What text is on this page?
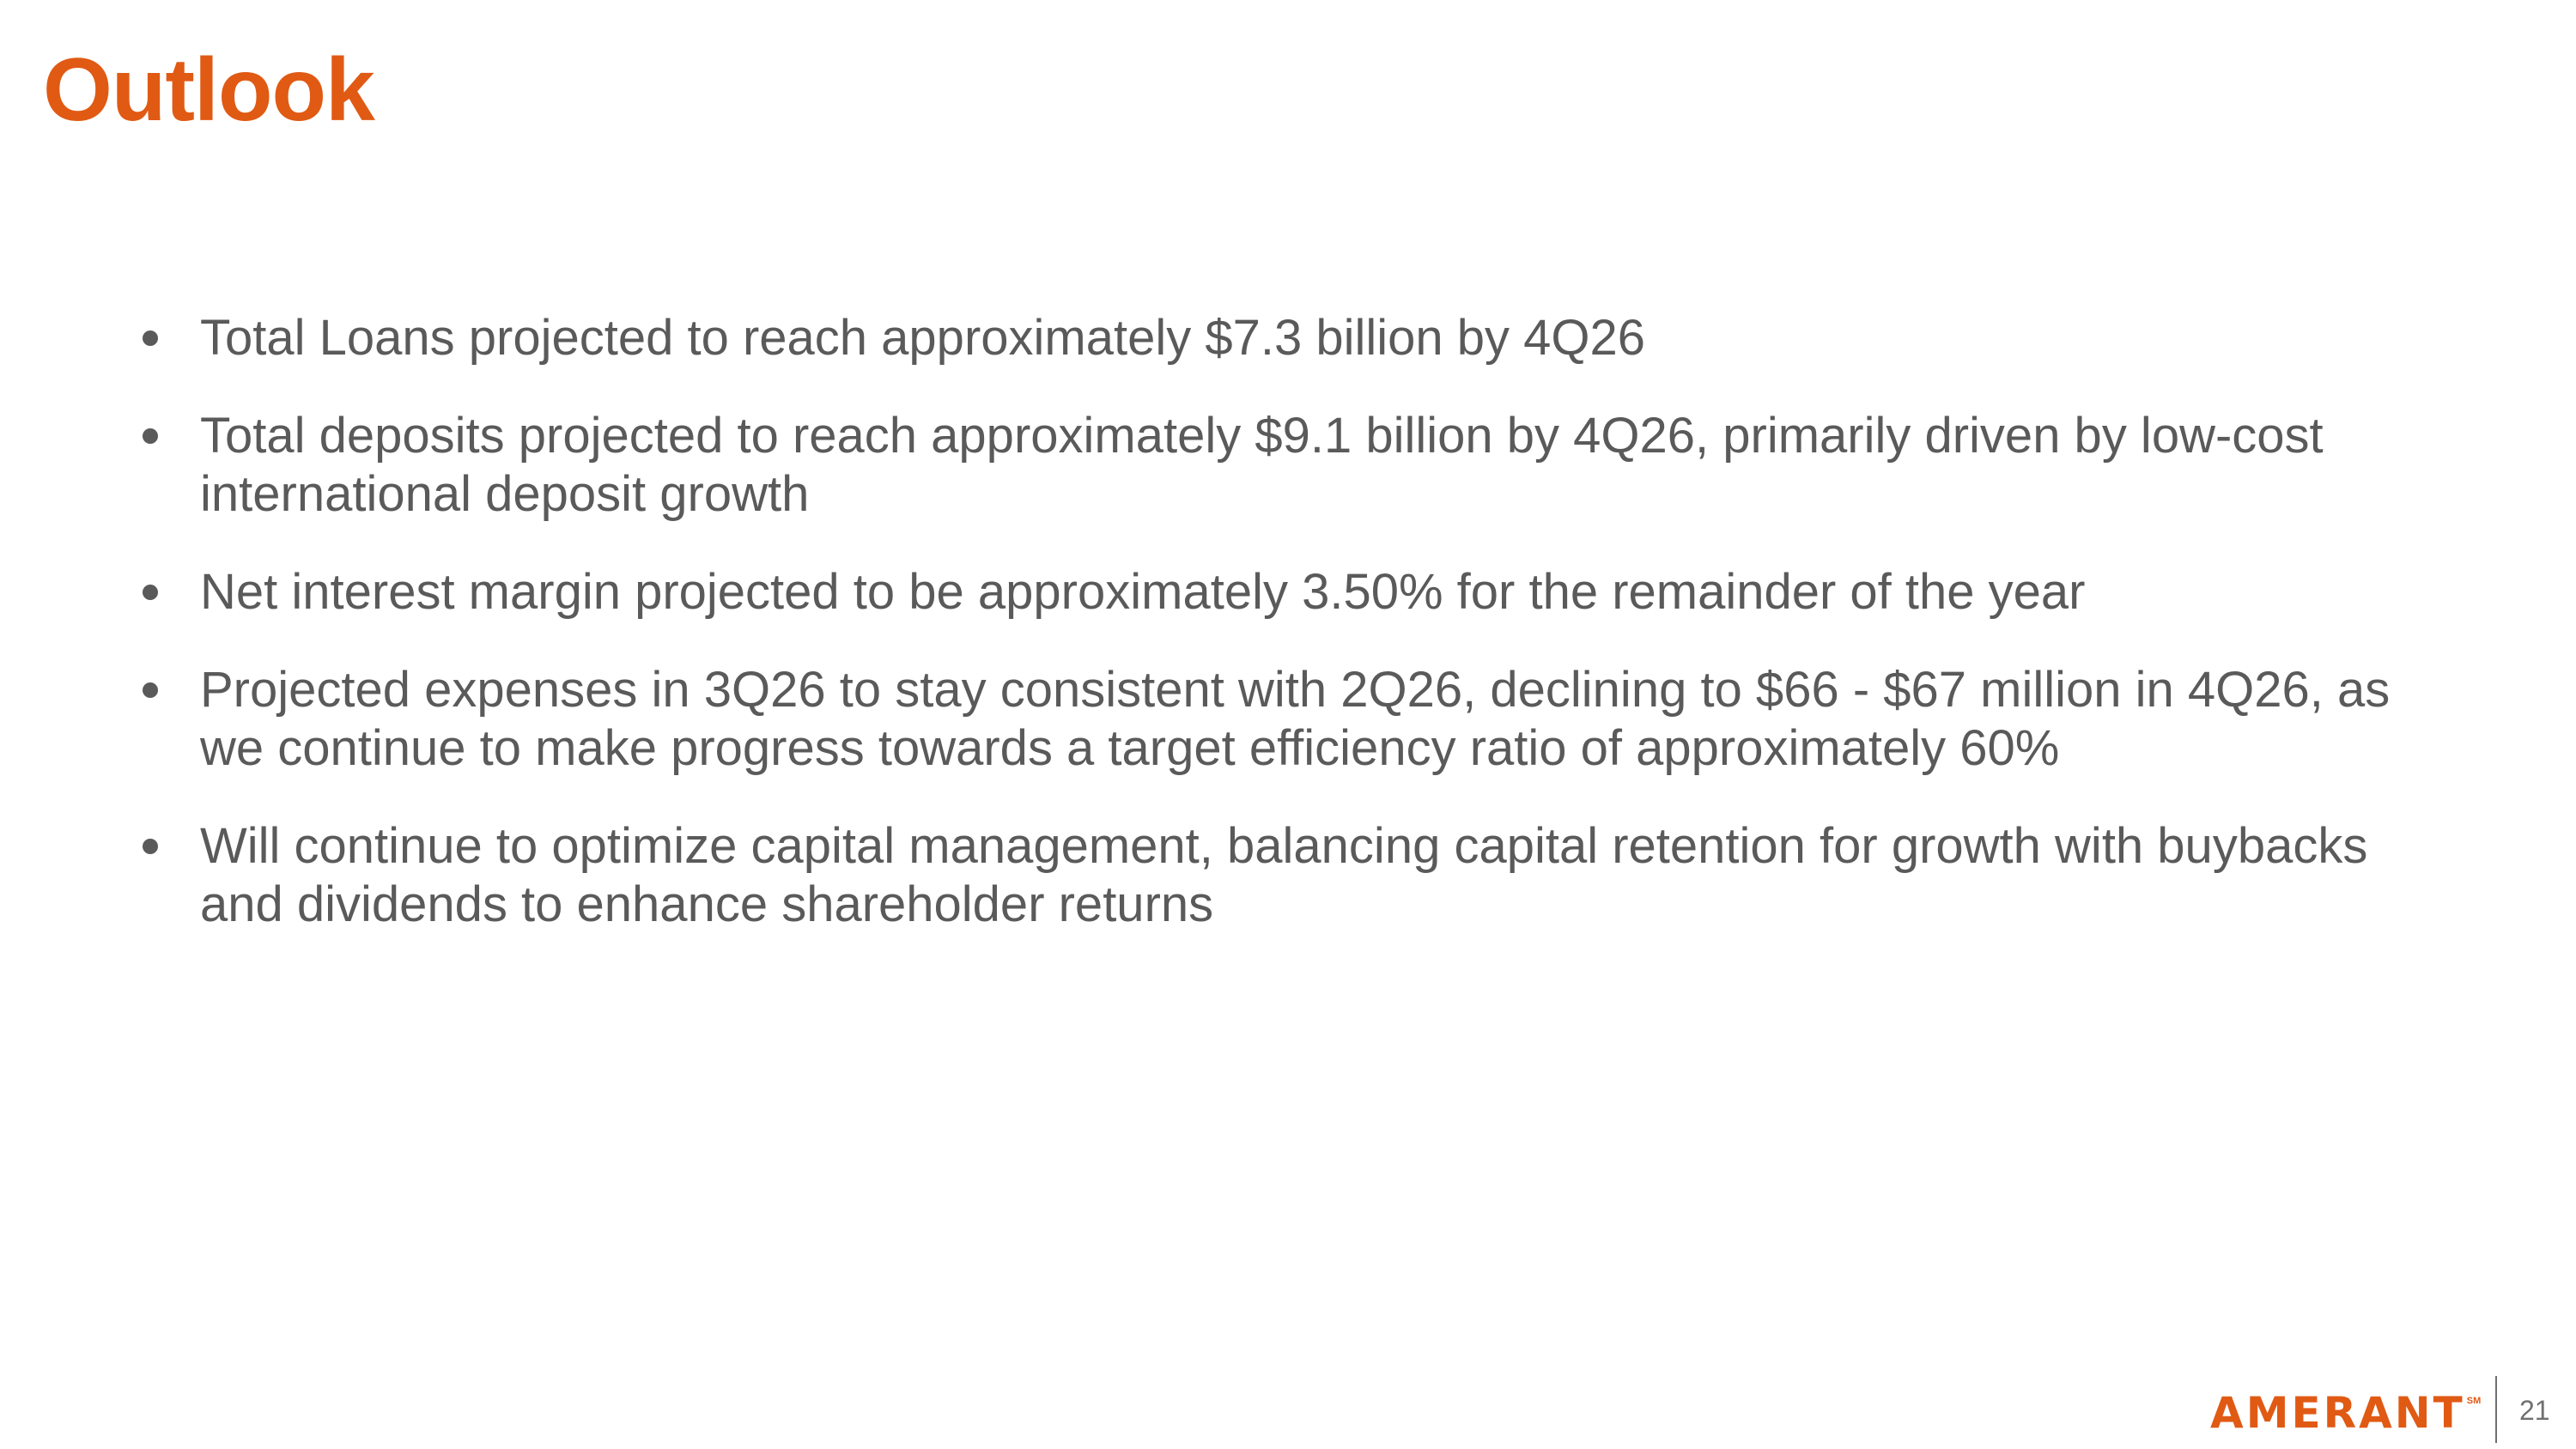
Outlook
Total Loans projected to reach approximately $7.3 billion by 4Q26
Total deposits projected to reach approximately $9.1 billion by 4Q26, primarily driven by low-cost international deposit growth
Net interest margin projected to be approximately 3.50% for the remainder of the year
Projected expenses in 3Q26 to stay consistent with 2Q26, declining to $66 - $67 million in 4Q26, as we continue to make progress towards a target efficiency ratio of approximately 60%
Will continue to optimize capital management, balancing capital retention for growth with buybacks and dividends to enhance shareholder returns
AMERANT SM 21
